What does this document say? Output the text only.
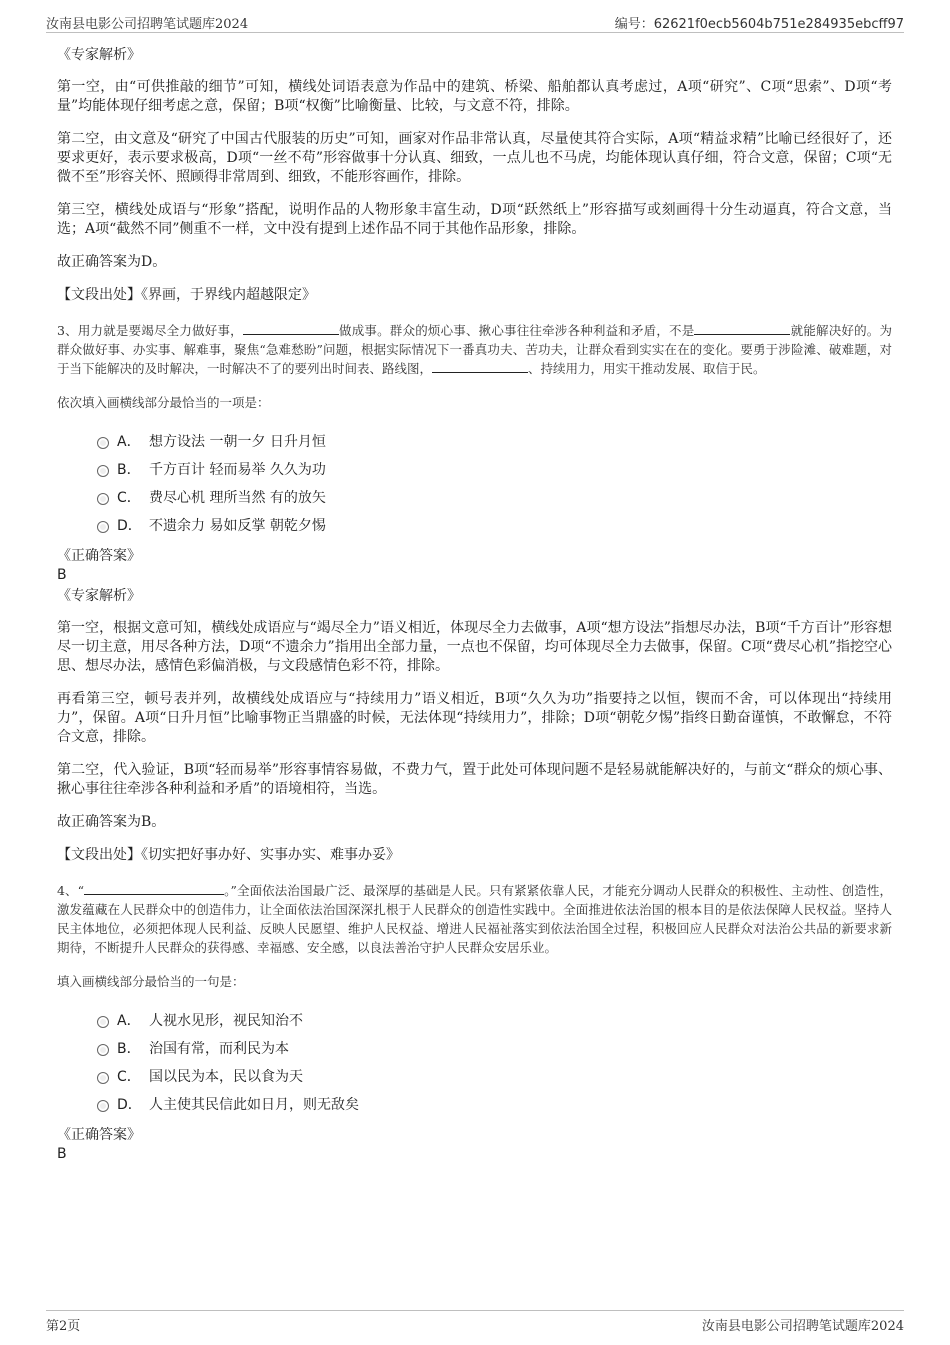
汝南县电影公司招聘笔试题库2024	编号：62621f0ecb5604b751e284935ebcff97

《专家解析》

第一空，由“可供推敲的细节”可知，横线处词语表意为作品中的建筑、桥梁、船舶都认真考虑过，A项“研究”、C项“思索”、D项“考量”均能体现仔细考虑之意，保留；B项“权衡”比喻衡量、比较，与文意不符，排除。

第二空，由文意及“研究了中国古代服装的历史”可知，画家对作品非常认真，尽量使其符合实际，A项“精益求精”比喻已经很好了，还要求更好，表示要求极高，D项“一丝不苟”形容做事十分认真、细致，一点儿也不马虎，均能体现认真仔细，符合文意，保留；C项“无微不至”形容关怀、照顾得非常周到、细致，不能形容画作，排除。

第三空，横线处成语与“形象”搭配，说明作品的人物形象丰富生动，D项“跃然纸上”形容描写或刻画得十分生动逼真，符合文意，当选；A项“截然不同”侧重不一样，文中没有提到上述作品不同于其他作品形象，排除。

故正确答案为D。

【文段出处】《界画，于界线内超越限定》

3、用力就是要竭尽全力做好事，	做成事。群众的烦心事、揪心事往往牵涉各种利益和矛盾，不是	就能解决好的。为群众做好事、办实事、解难事，聚焦“急难愁盼”问题，根据实际情况下一番真功夫、苦功夫，让群众看到实实在在的变化。要勇于涉险滩、破难题，对于当下能解决的及时解决，一时解决不了的要列出时间表、路线图，	、持续用力，用实干推动发展、取信于民。

依次填入画横线部分最恰当的一项是：

A． 想方设法 一朝一夕 日升月恒
B． 千方百计 轻而易举 久久为功
C． 费尽心机 理所当然 有的放矢
D． 不遗余力 易如反掌 朝乾夕惕

《正确答案》

B

《专家解析》

第一空，根据文意可知，横线处成语应与“竭尽全力”语义相近，体现尽全力去做事，A项“想方设法”指想尽办法，B项“千方百计”形容想尽一切主意，用尽各种方法，D项“不遗余力”指用出全部力量，一点也不保留，均可体现尽全力去做事，保留。C项“费尽心机”指挖空心思、想尽办法，感情色彩偏消极，与文段感情色彩不符，排除。

再看第三空，顿号表并列，故横线处成语应与“持续用力”语义相近，B项“久久为功”指要持之以恒，锲而不舍，可以体现出“持续用力”，保留。A项“日升月恒”比喻事物正当鼎盛的时候，无法体现“持续用力”，排除；D项“朝乾夕惕”指终日勤奋谨慎，不敢懈怠，不符合文意，排除。

第二空，代入验证，B项“轻而易举”形容事情容易做，不费力气，置于此处可体现问题不是轻易就能解决好的，与前文“群众的烦心事、揪心事往往牵涉各种利益和矛盾”的语境相符，当选。

故正确答案为B。

【文段出处】《切实把好事办好、实事办实、难事办妥》

4、“	。”全面依法治国最广泛、最深厚的基础是人民。只有紧紧依靠人民，才能充分调动人民群众的积极性、主动性、创造性，激发蕴藏在人民群众中的创造伟力，让全面依法治国深深扎根于人民群众的创造性实践中。全面推进依法治国的根本目的是依法保障人民权益。坚持人民主体地位，必须把体现人民利益、反映人民愿望、维护人民权益、增进人民福祉落实到依法治国全过程，积极回应人民群众对法治公共品的新要求新期待，不断提升人民群众的获得感、幸福感、安全感，以良法善治守护人民群众安居乐业。

填入画横线部分最恰当的一句是：

A． 人视水见形，视民知治不
B． 治国有常，而利民为本
C． 国以民为本，民以食为天
D． 人主使其民信此如日月，则无敌矣

《正确答案》

B

第2页	汝南县电影公司招聘笔试题库2024
